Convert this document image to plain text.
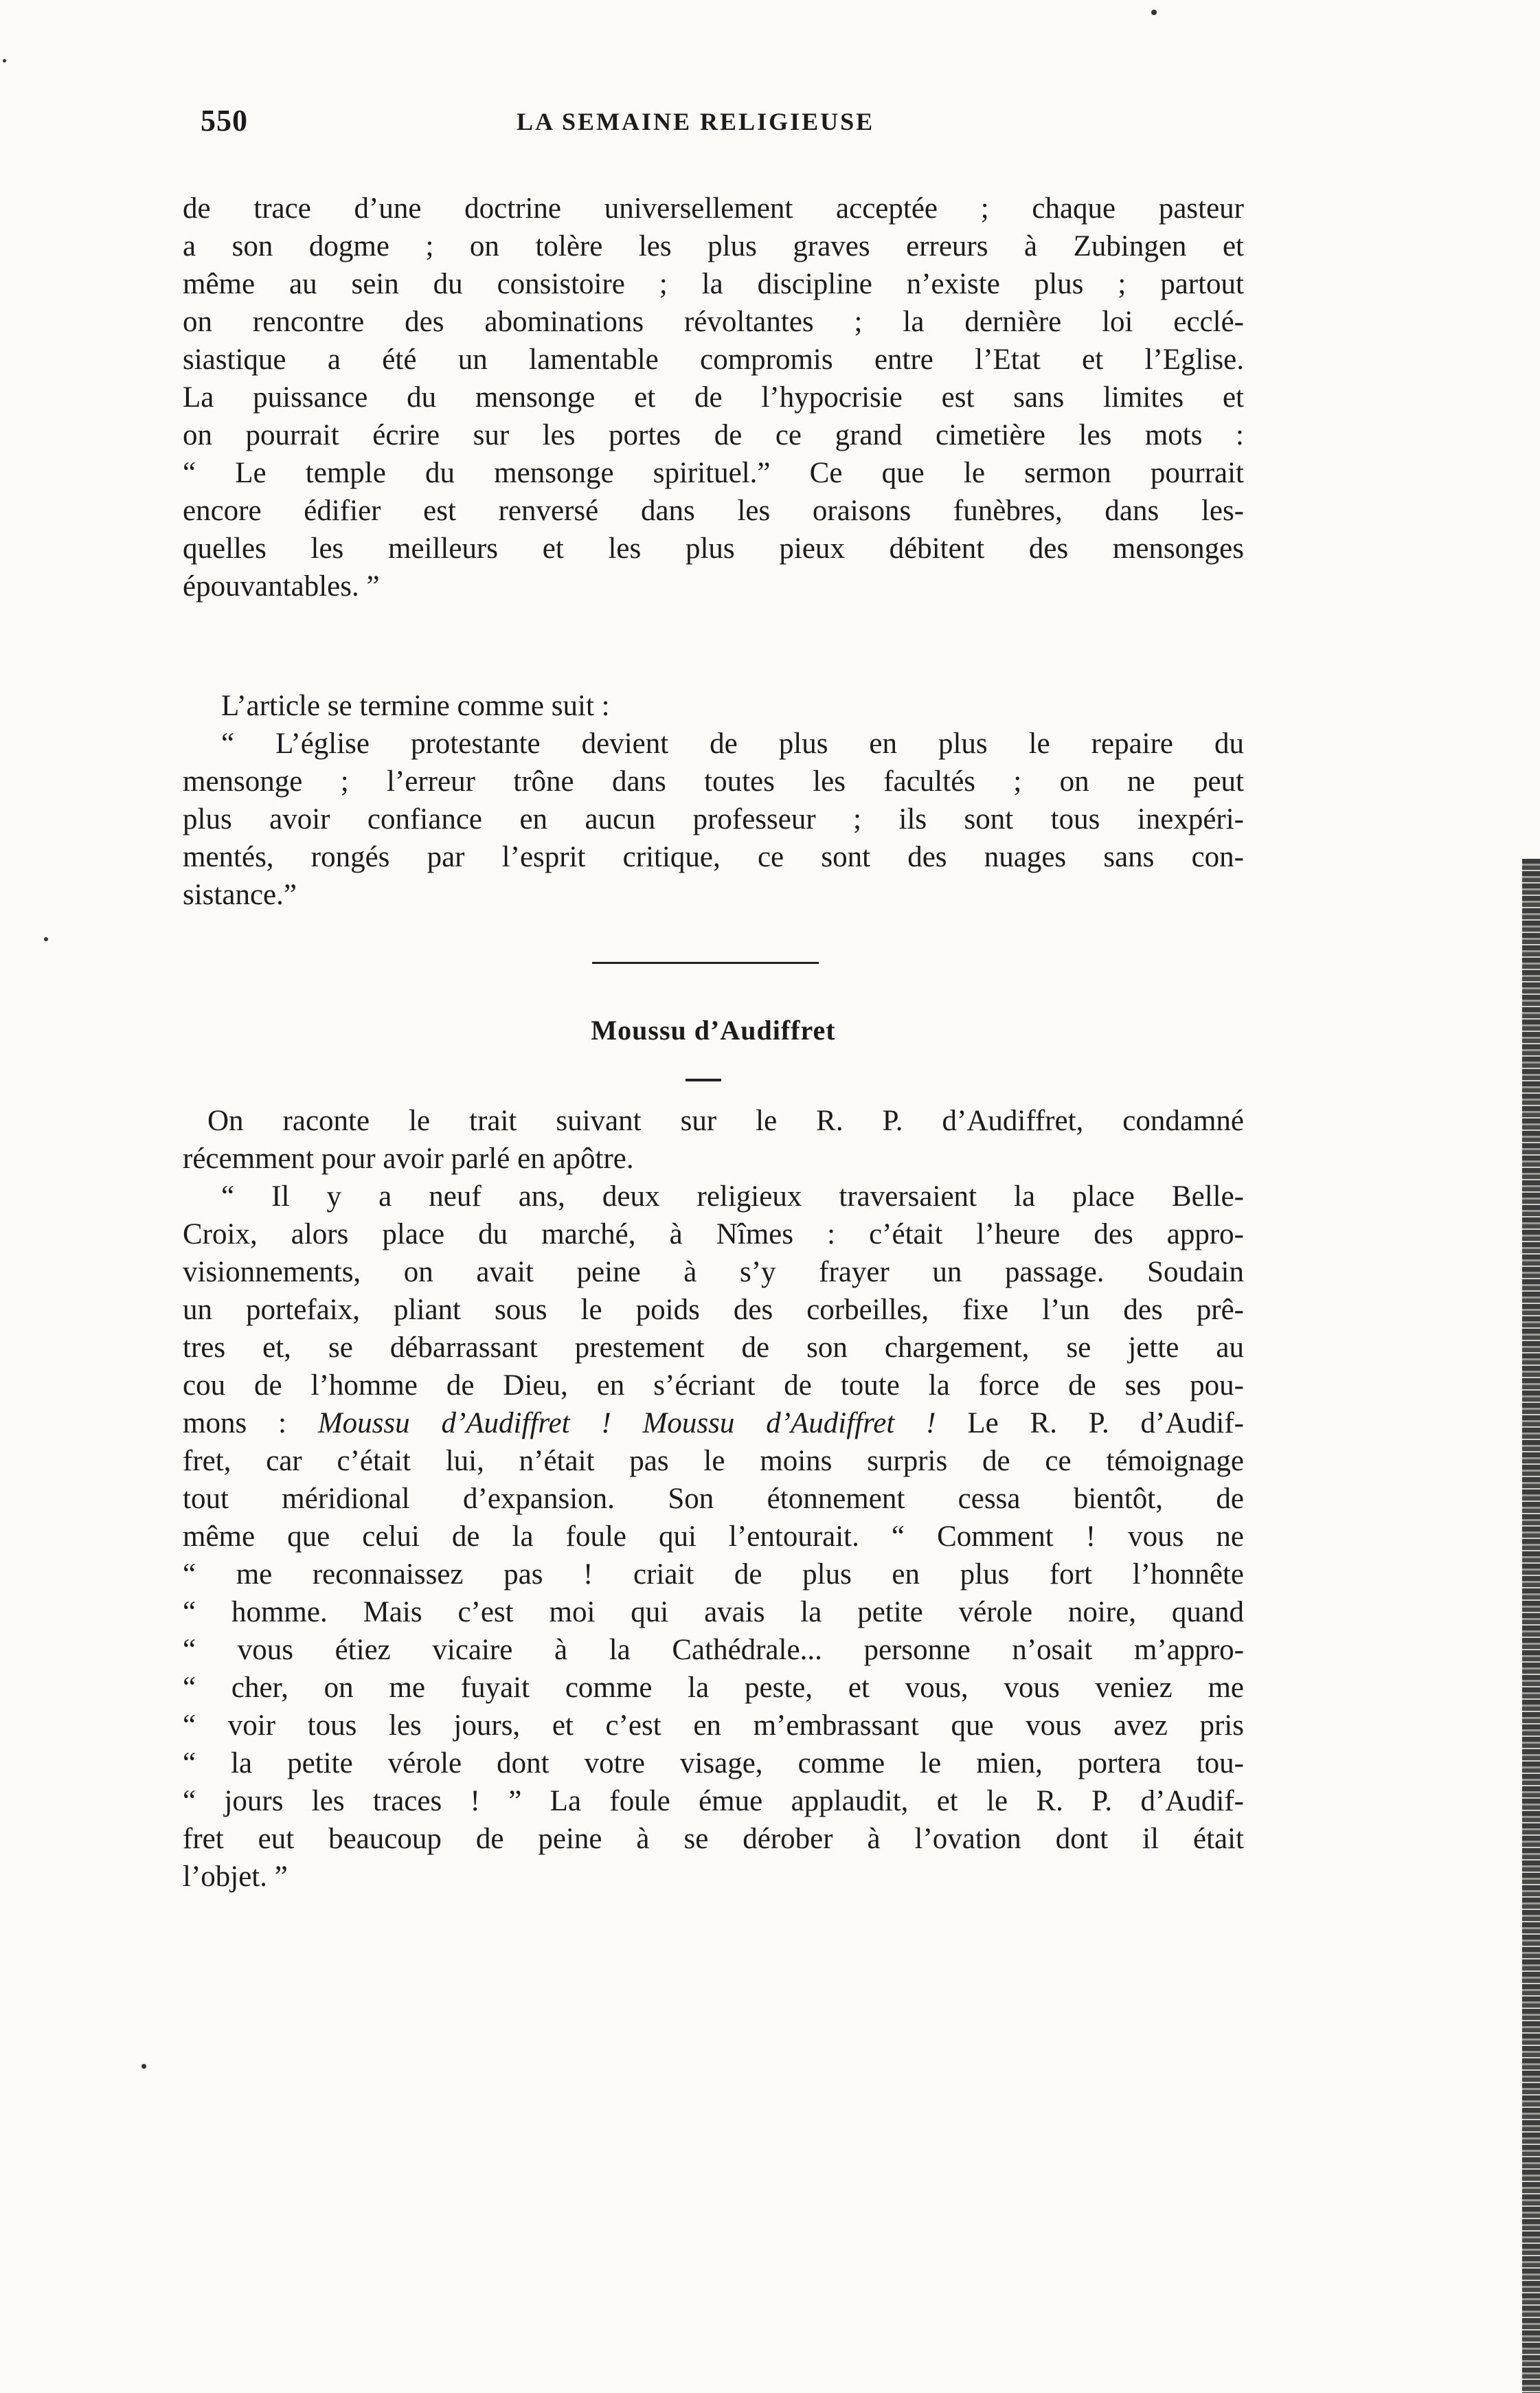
550	LA SEMAINE RELIGIEUSE
de trace d’une doctrine universellement acceptée ; chaque pasteur
a son dogme ; on tolère les plus graves erreurs à Zubingen et
même au sein du consistoire ; la discipline n’existe plus ; partout
on rencontre des abominations révoltantes ; la dernière loi ecclé-
siastique a été un lamentable compromis entre l’Etat et l’Eglise.
La puissance du mensonge et de l’hypocrisie est sans limites et
on pourrait écrire sur les portes de ce grand cimetière les mots :
“ Le temple du mensonge spirituel.” Ce que le sermon pourrait
encore édifier est renversé dans les oraisons funèbres, dans les-
quelles les meilleurs et les plus pieux débitent des mensonges
épouvantables. ”
L’article se termine comme suit :
“ L’église protestante devient de plus en plus le repaire du
mensonge ; l’erreur trône dans toutes les facultés ; on ne peut
plus avoir confiance en aucun professeur ; ils sont tous inexpéri-
mentés, rongés par l’esprit critique, ce sont des nuages sans con-
sistance.”
Moussu d’Audiffret
On raconte le trait suivant sur le R. P. d’Audiffret, condamné
récemment pour avoir parlé en apôtre.
“ Il y a neuf ans, deux religieux traversaient la place Belle-
Croix, alors place du marché, à Nîmes : c’était l’heure des appro-
visionnements, on avait peine à s’y frayer un passage. Soudain
un portefaix, pliant sous le poids des corbeilles, fixe l’un des prê-
tres et, se débarrassant prestement de son chargement, se jette au
cou de l’homme de Dieu, en s’écriant de toute la force de ses pou-
mons : Moussu d’Audiffret ! Moussu d’Audiffret ! Le R. P. d’Audif-
fret, car c’était lui, n’était pas le moins surpris de ce témoignage
tout méridional d’expansion. Son étonnement cessa bientôt, de
même que celui de la foule qui l’entourait. “ Comment ! vous ne
“ me reconnaissez pas ! criait de plus en plus fort l’honnête
“ homme. Mais c’est moi qui avais la petite vérole noire, quand
“ vous étiez vicaire à la Cathédrale... personne n’osait m’appro-
“ cher, on me fuyait comme la peste, et vous, vous veniez me
“ voir tous les jours, et c’est en m’embrassant que vous avez pris
“ la petite vérole dont votre visage, comme le mien, portera tou-
“ jours les traces ! ” La foule émue applaudit, et le R. P. d’Audif-
fret eut beaucoup de peine à se dérober à l’ovation dont il était
l’objet. ”
